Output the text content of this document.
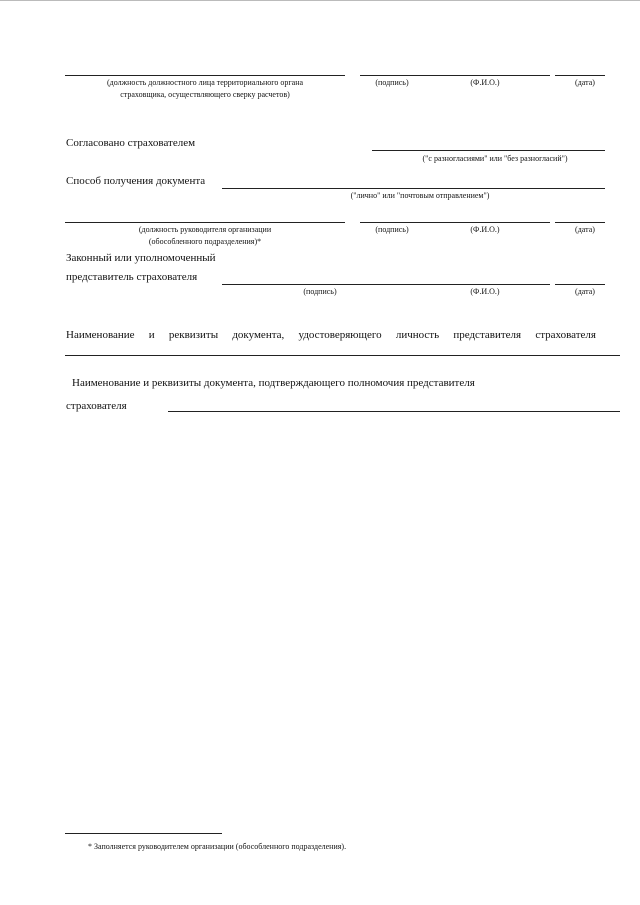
(должность должностного лица территориального органа
страховщика, осуществляющего сверку расчетов)
(подпись)	(Ф.И.О.)	(дата)
Согласовано страхователем
("с разногласиями" или "без разногласий")
Способ получения документа
("лично" или "почтовым отправлением")
(должность руководителя организации
(обособленного подразделения)*
(подпись)	(Ф.И.О.)	(дата)
Законный или уполномоченный
представитель страхователя
(подпись)	(Ф.И.О.)	(дата)
Наименование и реквизиты документа, удостоверяющего личность представителя страхователя
Наименование и реквизиты документа, подтверждающего полномочия представителя
страхователя
* Заполняется руководителем организации (обособленного подразделения).
